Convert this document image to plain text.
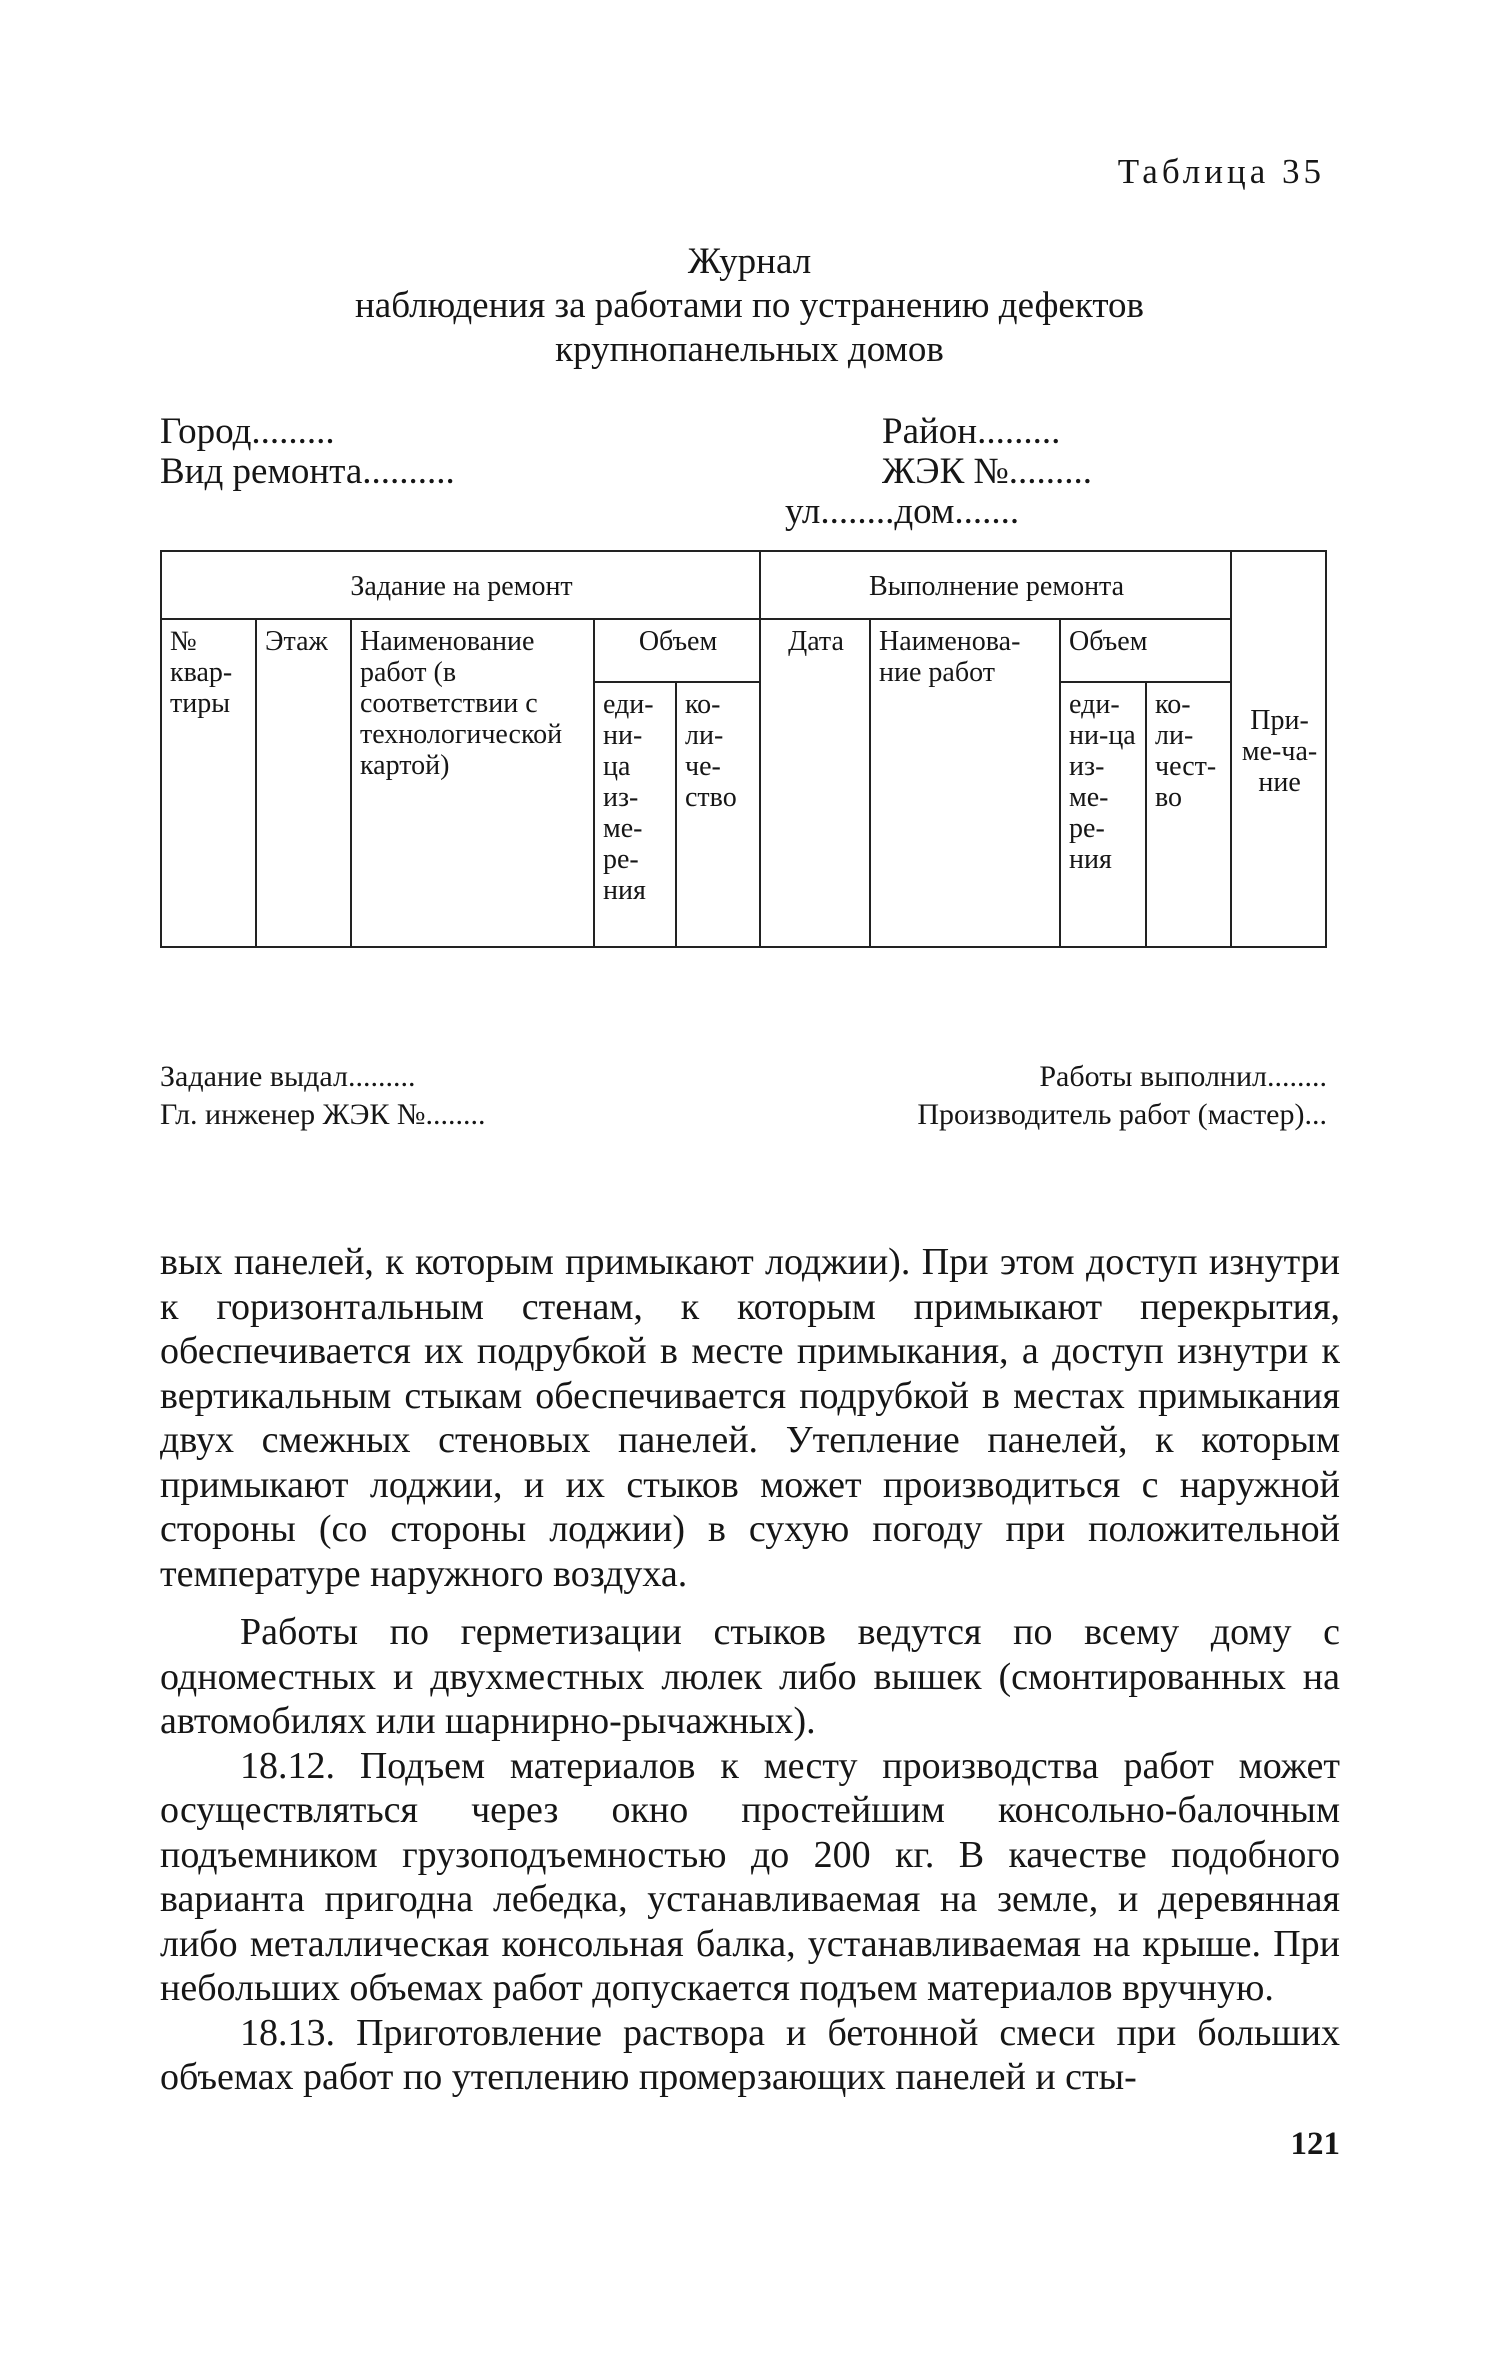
Таблица 35
Журнал
наблюдения за работами по устранению дефектов
крупнопанельных домов
Город.........
Вид ремонта..........
Район.........
ЖЭК №.........
ул........дом.......
Задание на ремонт					Выполнение ремонта				При-ме-ча-ние
№ квар-тиры	Этаж	Наименование работ (в соответствии с технологической картой)	Объем		Дата	Наименова-ние работ	Объем		
			еди-ни-ца из-ме-ре-ния	ко-ли-че-ство			еди-ни-ца из-ме-ре-ния	ко-ли-чест-во	
Задание выдал.........
Гл. инженер ЖЭК №........
Работы выполнил........
Производитель работ (мастер)...

вых панелей, к которым примыкают лоджии). При этом доступ изнутри к горизонтальным стенам, к которым примыкают перекрытия, обеспечивается их подрубкой в месте примыкания, а доступ изнутри к вертикальным стыкам обеспечивается подрубкой в местах примыкания двух смежных стеновых панелей. Утепление панелей, к которым примыкают лоджии, и их стыков может производиться с наружной стороны (со стороны лоджии) в сухую погоду при положительной температуре наружного воздуха.

Работы по герметизации стыков ведутся по всему дому с одноместных и двухместных люлек либо вышек (смонтированных на автомобилях или шарнирно-рычажных).

18.12. Подъем материалов к месту производства работ может осуществляться через окно простейшим консольно-балочным подъемником грузоподъемностью до 200 кг. В качестве подобного варианта пригодна лебедка, устанавливаемая на земле, и деревянная либо металлическая консольная балка, устанавливаемая на крыше. При небольших объемах работ допускается подъем материалов вручную.

18.13. Приготовление раствора и бетонной смеси при больших объемах работ по утеплению промерзающих панелей и сты-

121
